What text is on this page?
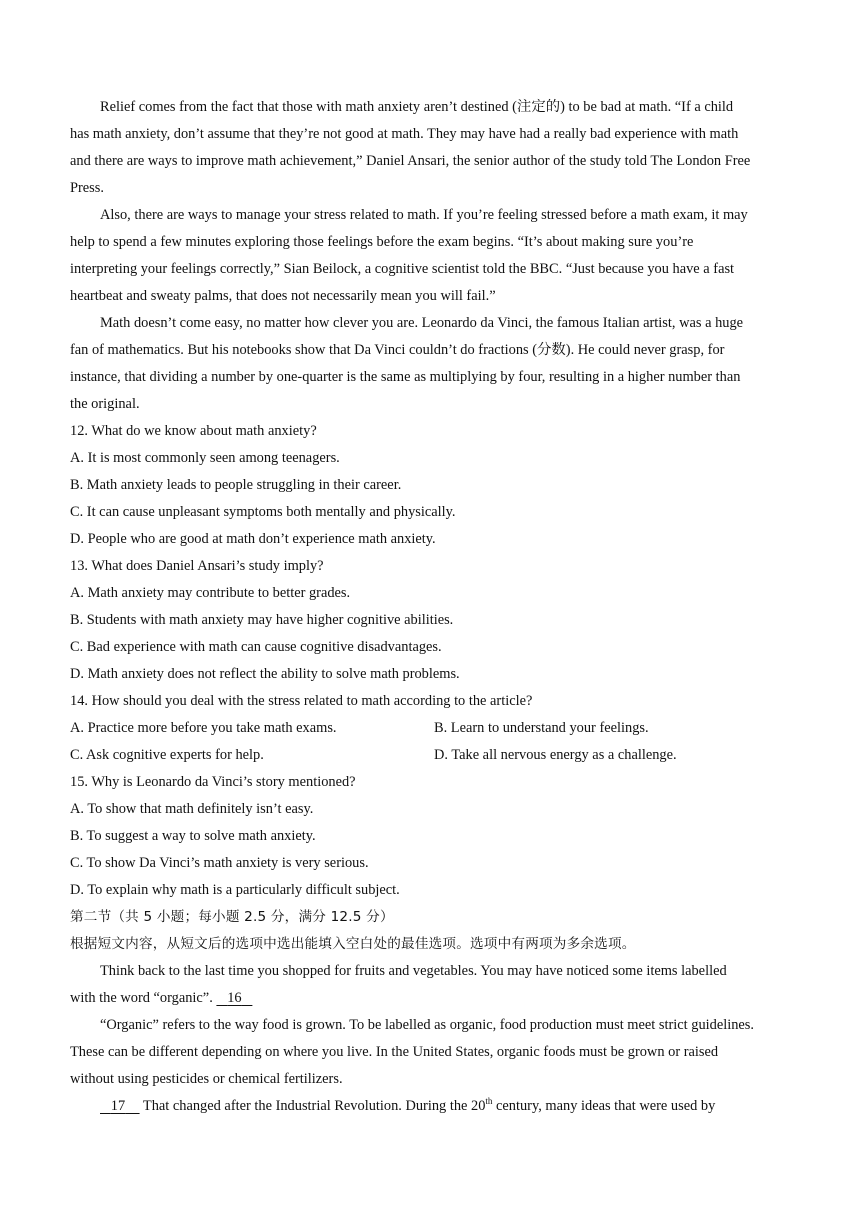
Relief comes from the fact that those with math anxiety aren’t destined (注定的) to be bad at math. “If a child
has math anxiety, don’t assume that they’re not good at math. They may have had a really bad experience with math
and there are ways to improve math achievement,” Daniel Ansari, the senior author of the study told The London Free
Press.
Also, there are ways to manage your stress related to math. If you’re feeling stressed before a math exam, it may
help to spend a few minutes exploring those feelings before the exam begins. “It’s about making sure you’re
interpreting your feelings correctly,” Sian Beilock, a cognitive scientist told the BBC. “Just because you have a fast
heartbeat and sweaty palms, that does not necessarily mean you will fail.”
Math doesn’t come easy, no matter how clever you are. Leonardo da Vinci, the famous Italian artist, was a huge
fan of mathematics. But his notebooks show that Da Vinci couldn’t do fractions (分数). He could never grasp, for
instance, that dividing a number by one-quarter is the same as multiplying by four, resulting in a higher number than
the original.
12. What do we know about math anxiety?
A. It is most commonly seen among teenagers.
B. Math anxiety leads to people struggling in their career.
C. It can cause unpleasant symptoms both mentally and physically.
D. People who are good at math don’t experience math anxiety.
13. What does Daniel Ansari’s study imply?
A. Math anxiety may contribute to better grades.
B. Students with math anxiety may have higher cognitive abilities.
C. Bad experience with math can cause cognitive disadvantages.
D. Math anxiety does not reflect the ability to solve math problems.
14. How should you deal with the stress related to math according to the article?
A. Practice more before you take math exams.	B. Learn to understand your feelings.
C. Ask cognitive experts for help.	D. Take all nervous energy as a challenge.
15. Why is Leonardo da Vinci’s story mentioned?
A. To show that math definitely isn’t easy.
B. To suggest a way to solve math anxiety.
C. To show Da Vinci’s math anxiety is very serious.
D. To explain why math is a particularly difficult subject.
第二节（共 5 小题；每小题 2.5 分，满分 12.5 分）
根据短文内容，从短文后的选项中选出能填入空白处的最佳选项。选项中有两项为多余选项。
Think back to the last time you shopped for fruits and vegetables. You may have noticed some items labelled
with the word “organic”. 16
“Organic” refers to the way food is grown. To be labelled as organic, food production must meet strict guidelines.
These can be different depending on where you live. In the United States, organic foods must be grown or raised
without using pesticides or chemical fertilizers.
17 That changed after the Industrial Revolution. During the 20th century, many ideas that were used by
